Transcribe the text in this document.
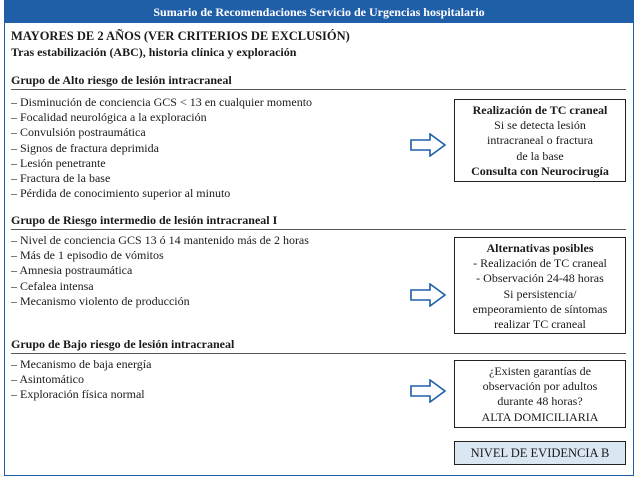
Sumario de Recomendaciones Servicio de Urgencias hospitalario
MAYORES DE 2 AÑOS (VER CRITERIOS DE EXCLUSIÓN)
Tras estabilización (ABC), historia clínica y exploración
Grupo de Alto riesgo de lesión intracraneal
– Disminución de conciencia GCS < 13 en cualquier momento
– Focalidad neurológica a la exploración
– Convulsión postraumática
– Signos de fractura deprimida
– Lesión penetrante
– Fractura de la base
– Pérdida de conocimiento superior al minuto
Realización de TC craneal
Si se detecta lesión
intracraneal o fractura
de la base
Consulta con Neurocirugía
Grupo de Riesgo intermedio de lesión intracraneal I
– Nivel de conciencia GCS 13 ó 14 mantenido más de 2 horas
– Más de 1 episodio de vómitos
– Amnesia postraumática
– Cefalea intensa
– Mecanismo violento de producción
Alternativas posibles
- Realización de TC craneal
- Observación 24-48 horas
Si persistencia/
empeoramiento de síntomas
realizar TC craneal
Grupo de Bajo riesgo de lesión intracraneal
– Mecanismo de baja energía
– Asintomático
– Exploración física normal
¿Existen garantías de
observación por adultos
durante 48 horas?
ALTA DOMICILIARIA
NIVEL DE EVIDENCIA B
